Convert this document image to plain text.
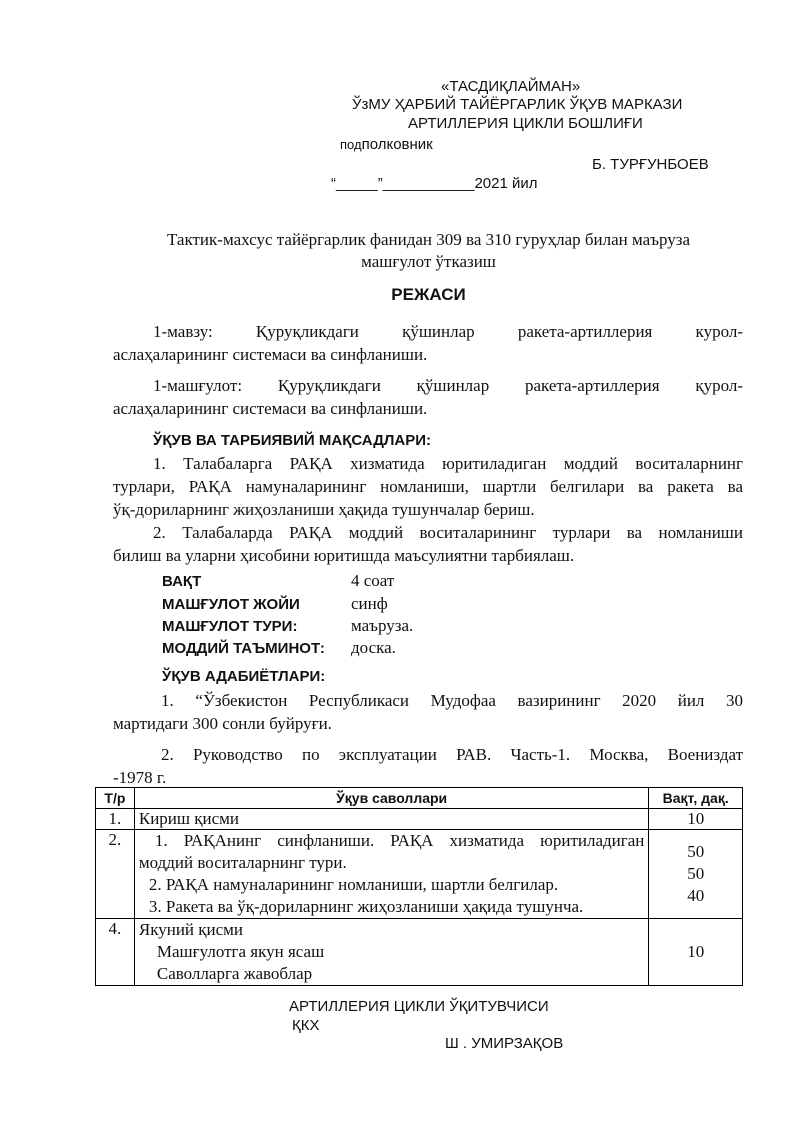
«ТАСДИҚЛАЙМАН»
ЎзМУ ҲАРБИЙ ТАЙЁРГАРЛИК ЎҚУВ МАРКАЗИ
АРТИЛЛЕРИЯ ЦИКЛИ БОШЛИҒИ
подполковник
Б. ТУРҒУНБОЕВ
“_____”___________2021 йил
Тактик-махсус тайёргарлик фанидан 309 ва 310 гуруҳлар билан маъруза
машғулот ўтказиш
РЕЖАСИ
1-мавзу: Қуруқликдаги қўшинлар ракета-артиллерия курол-
аслаҳаларининг системаси ва синфланиши.
1-машғулот: Қуруқликдаги қўшинлар ракета-артиллерия қурол-
аслаҳаларининг системаси ва синфланиши.
ЎҚУВ ВА ТАРБИЯВИЙ МАҚСАДЛАРИ:
1. Талабаларга РАҚА хизматида юритиладиган моддий воситаларнинг
турлари, РАҚА намуналарининг номланиши, шартли белгилари ва ракета ва
ўқ-дориларнинг жиҳозланиши ҳақида тушунчалар бериш.
2. Талабаларда РАҚА моддий воситаларининг турлари ва номланиши
билиш ва уларни ҳисобини юритишда маъсулиятни тарбиялаш.
ВАҚТ	4 соат
МАШҒУЛОТ ЖОЙИ	синф
МАШҒУЛОТ ТУРИ:	маъруза.
МОДДИЙ ТАЪМИНОТ: доска.
ЎҚУВ АДАБИЁТЛАРИ:
1. “Ўзбекистон Республикаси Мудофаа вазирининг 2020 йил 30
мартидаги 300 сонли буйруғи.
2. Руководство по эксплуатации РАВ. Часть-1. Москва, Воениздат
-1978 г.
Т/р	Ўқув саволлари	Вақт, дақ.
1.	Кириш қисми	10
2.	1. РАҚАнинг синфланиши. РАҚА хизматида юритиладиган
моддий воситаларнинг тури.
2. РАҚА намуналарининг номланиши, шартли белгилар.
3. Ракета ва ўқ-дориларнинг жиҳозланиши ҳақида тушунча.	50
50
40

4.	Якуний қисми
Машғулотга якун ясаш
Саволларга жавоблар	10
АРТИЛЛЕРИЯ ЦИКЛИ ЎҚИТУВЧИСИ
ҚКХ
Ш . УМИРЗАҚОВ
